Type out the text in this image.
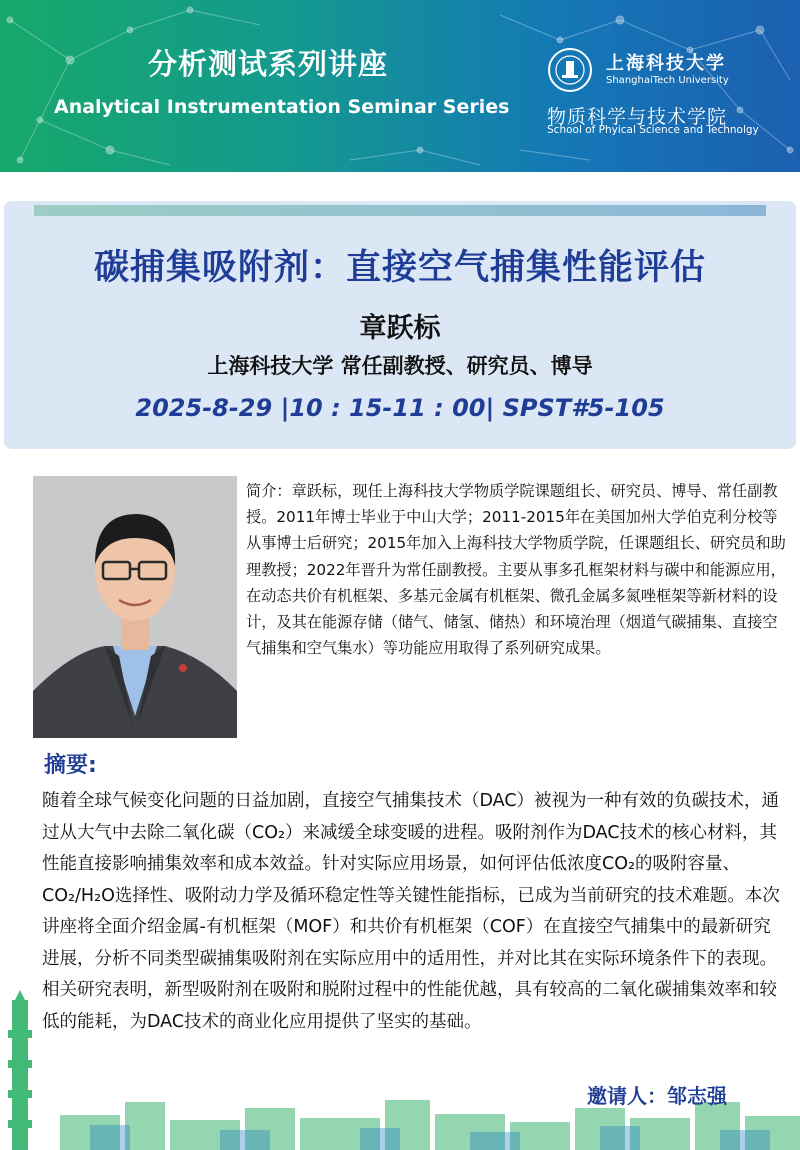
分析测试系列讲座
Analytical Instrumentation Seminar Series
上海科技大学
ShanghaiTech University
物质科学与技术学院
School of Phyical Science and Technolgy
碳捕集吸附剂：直接空气捕集性能评估
章跃标
上海科技大学 常任副教授、研究员、博导
2025-8-29 |10 : 15-11 : 00| SPST#5-105
简介：章跃标，现任上海科技大学物质学院课题组长、研究员、博导、常任副教授。2011年博士毕业于中山大学；2011-2015年在美国加州大学伯克利分校等从事博士后研究；2015年加入上海科技大学物质学院，任课题组长、研究员和助理教授；2022年晋升为常任副教授。主要从事多孔框架材料与碳中和能源应用，在动态共价有机框架、多基元金属有机框架、微孔金属多氮唑框架等新材料的设计，及其在能源存储（储气、储氢、储热）和环境治理（烟道气碳捕集、直接空气捕集和空气集水）等功能应用取得了系列研究成果。
摘要:
随着全球气候变化问题的日益加剧，直接空气捕集技术（DAC）被视为一种有效的负碳技术，通过从大气中去除二氧化碳（CO₂）来减缓全球变暖的进程。吸附剂作为DAC技术的核心材料，其性能直接影响捕集效率和成本效益。针对实际应用场景，如何评估低浓度CO₂的吸附容量、CO₂/H₂O选择性、吸附动力学及循环稳定性等关键性能指标，已成为当前研究的技术难题。本次讲座将全面介绍金属-有机框架（MOF）和共价有机框架（COF）在直接空气捕集中的最新研究进展，分析不同类型碳捕集吸附剂在实际应用中的适用性，并对比其在实际环境条件下的表现。相关研究表明，新型吸附剂在吸附和脱附过程中的性能优越，具有较高的二氧化碳捕集效率和较低的能耗，为DAC技术的商业化应用提供了坚实的基础。
邀请人：邹志强
